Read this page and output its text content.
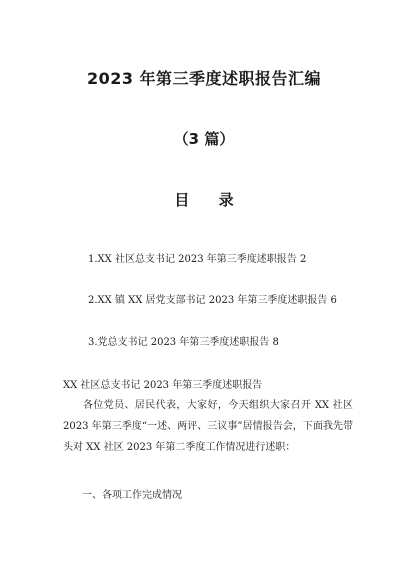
2023 年第三季度述职报告汇编
（3 篇）
目 录
1.XX 社区总支书记 2023 年第三季度述职报告 2
2.XX 镇 XX 居党支部书记 2023 年第三季度述职报告 6
3.党总支书记 2023 年第三季度述职报告 8
XX 社区总支书记 2023 年第三季度述职报告
各位党员、居民代表，大家好，今天组织大家召开 XX 社区 2023 年第三季度“一述、两评、三议事”居情报告会，下面我先带头对 XX 社区 2023 年第二季度工作情况进行述职：
一、各项工作完成情况
